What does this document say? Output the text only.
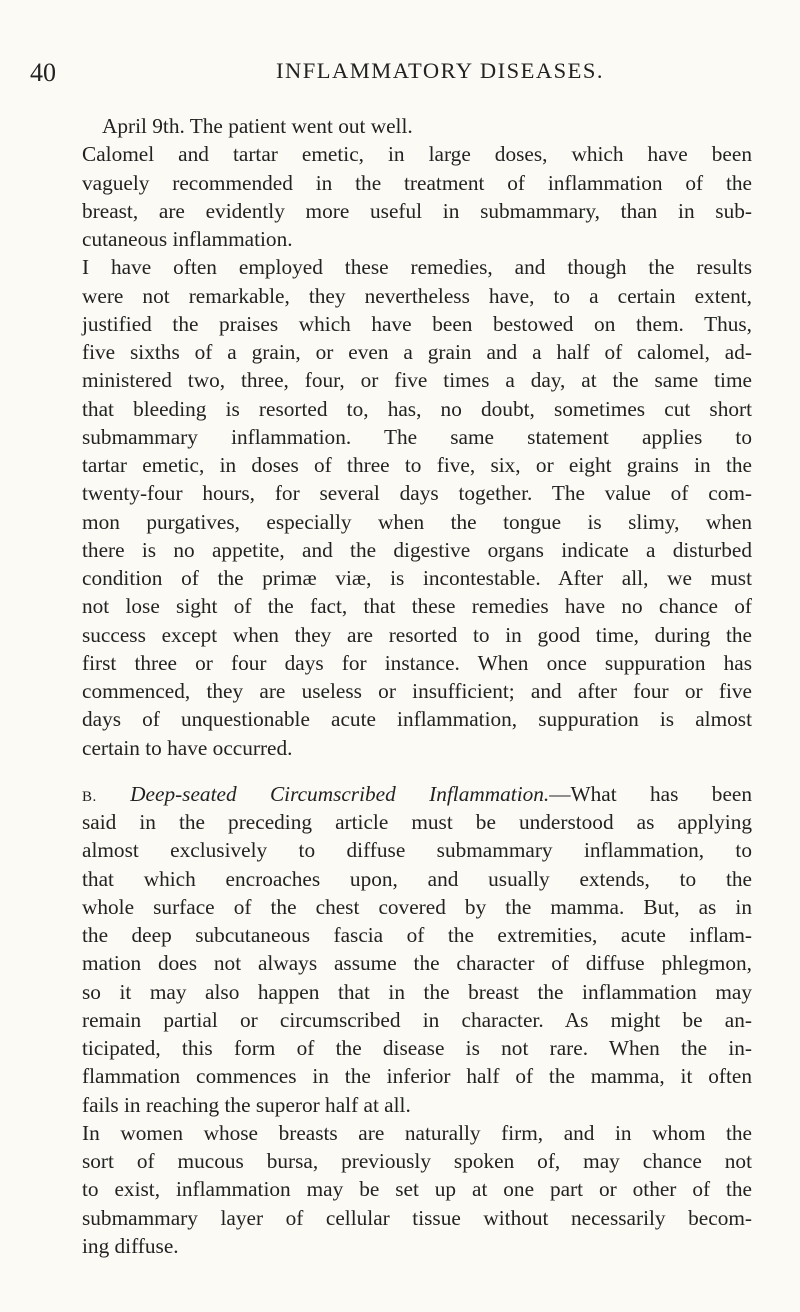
40	INFLAMMATORY DISEASES.
April 9th. The patient went out well.
Calomel and tartar emetic, in large doses, which have been
vaguely recommended in the treatment of inflammation of the
breast, are evidently more useful in submammary, than in sub-
cutaneous inflammation.
I have often employed these remedies, and though the results
were not remarkable, they nevertheless have, to a certain extent,
justified the praises which have been bestowed on them. Thus,
five sixths of a grain, or even a grain and a half of calomel, ad-
ministered two, three, four, or five times a day, at the same time
that bleeding is resorted to, has, no doubt, sometimes cut short
submammary inflammation. The same statement applies to
tartar emetic, in doses of three to five, six, or eight grains in the
twenty-four hours, for several days together. The value of com-
mon purgatives, especially when the tongue is slimy, when
there is no appetite, and the digestive organs indicate a disturbed
condition of the primæ viæ, is incontestable. After all, we must
not lose sight of the fact, that these remedies have no chance of
success except when they are resorted to in good time, during the
first three or four days for instance. When once suppuration has
commenced, they are useless or insufficient; and after four or five
days of unquestionable acute inflammation, suppuration is almost
certain to have occurred.
B. Deep-seated Circumscribed Inflammation.—What has been
said in the preceding article must be understood as applying
almost exclusively to diffuse submammary inflammation, to
that which encroaches upon, and usually extends, to the
whole surface of the chest covered by the mamma. But, as in
the deep subcutaneous fascia of the extremities, acute inflam-
mation does not always assume the character of diffuse phlegmon,
so it may also happen that in the breast the inflammation may
remain partial or circumscribed in character. As might be an-
ticipated, this form of the disease is not rare. When the in-
flammation commences in the inferior half of the mamma, it often
fails in reaching the superor half at all.
In women whose breasts are naturally firm, and in whom the
sort of mucous bursa, previously spoken of, may chance not
to exist, inflammation may be set up at one part or other of the
submammary layer of cellular tissue without necessarily becom-
ing diffuse.
